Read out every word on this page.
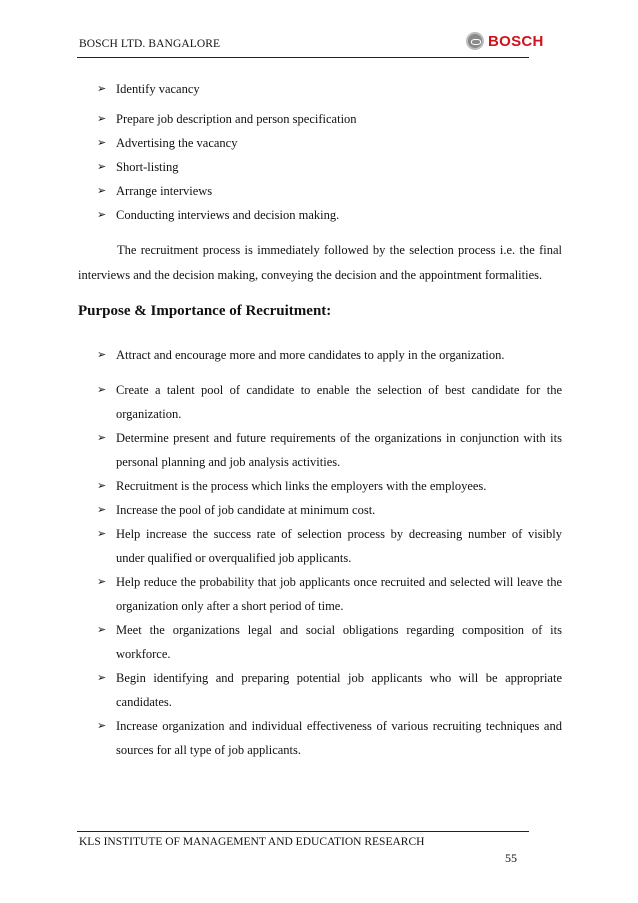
BOSCH LTD. BANGALORE	BOSCH
➢ Identify vacancy
➢ Prepare job description and person specification
➢ Advertising the vacancy
➢ Short-listing
➢ Arrange interviews
➢ Conducting interviews and decision making.

The recruitment process is immediately followed by the selection process i.e. the final interviews and the decision making, conveying the decision and the appointment formalities.

Purpose & Importance of Recruitment:
➢ Attract and encourage more and more candidates to apply in the organization.
➢ Create a talent pool of candidate to enable the selection of best candidate for the organization.
➢ Determine present and future requirements of the organizations in conjunction with its personal planning and job analysis activities.
➢ Recruitment is the process which links the employers with the employees.
➢ Increase the pool of job candidate at minimum cost.
➢ Help increase the success rate of selection process by decreasing number of visibly under qualified or overqualified job applicants.
➢ Help reduce the probability that job applicants once recruited and selected will leave the organization only after a short period of time.
➢ Meet the organizations legal and social obligations regarding composition of its workforce.
➢ Begin identifying and preparing potential job applicants who will be appropriate candidates.
➢ Increase organization and individual effectiveness of various recruiting techniques and sources for all type of job applicants.
KLS INSTITUTE OF MANAGEMENT AND EDUCATION RESEARCH
55
